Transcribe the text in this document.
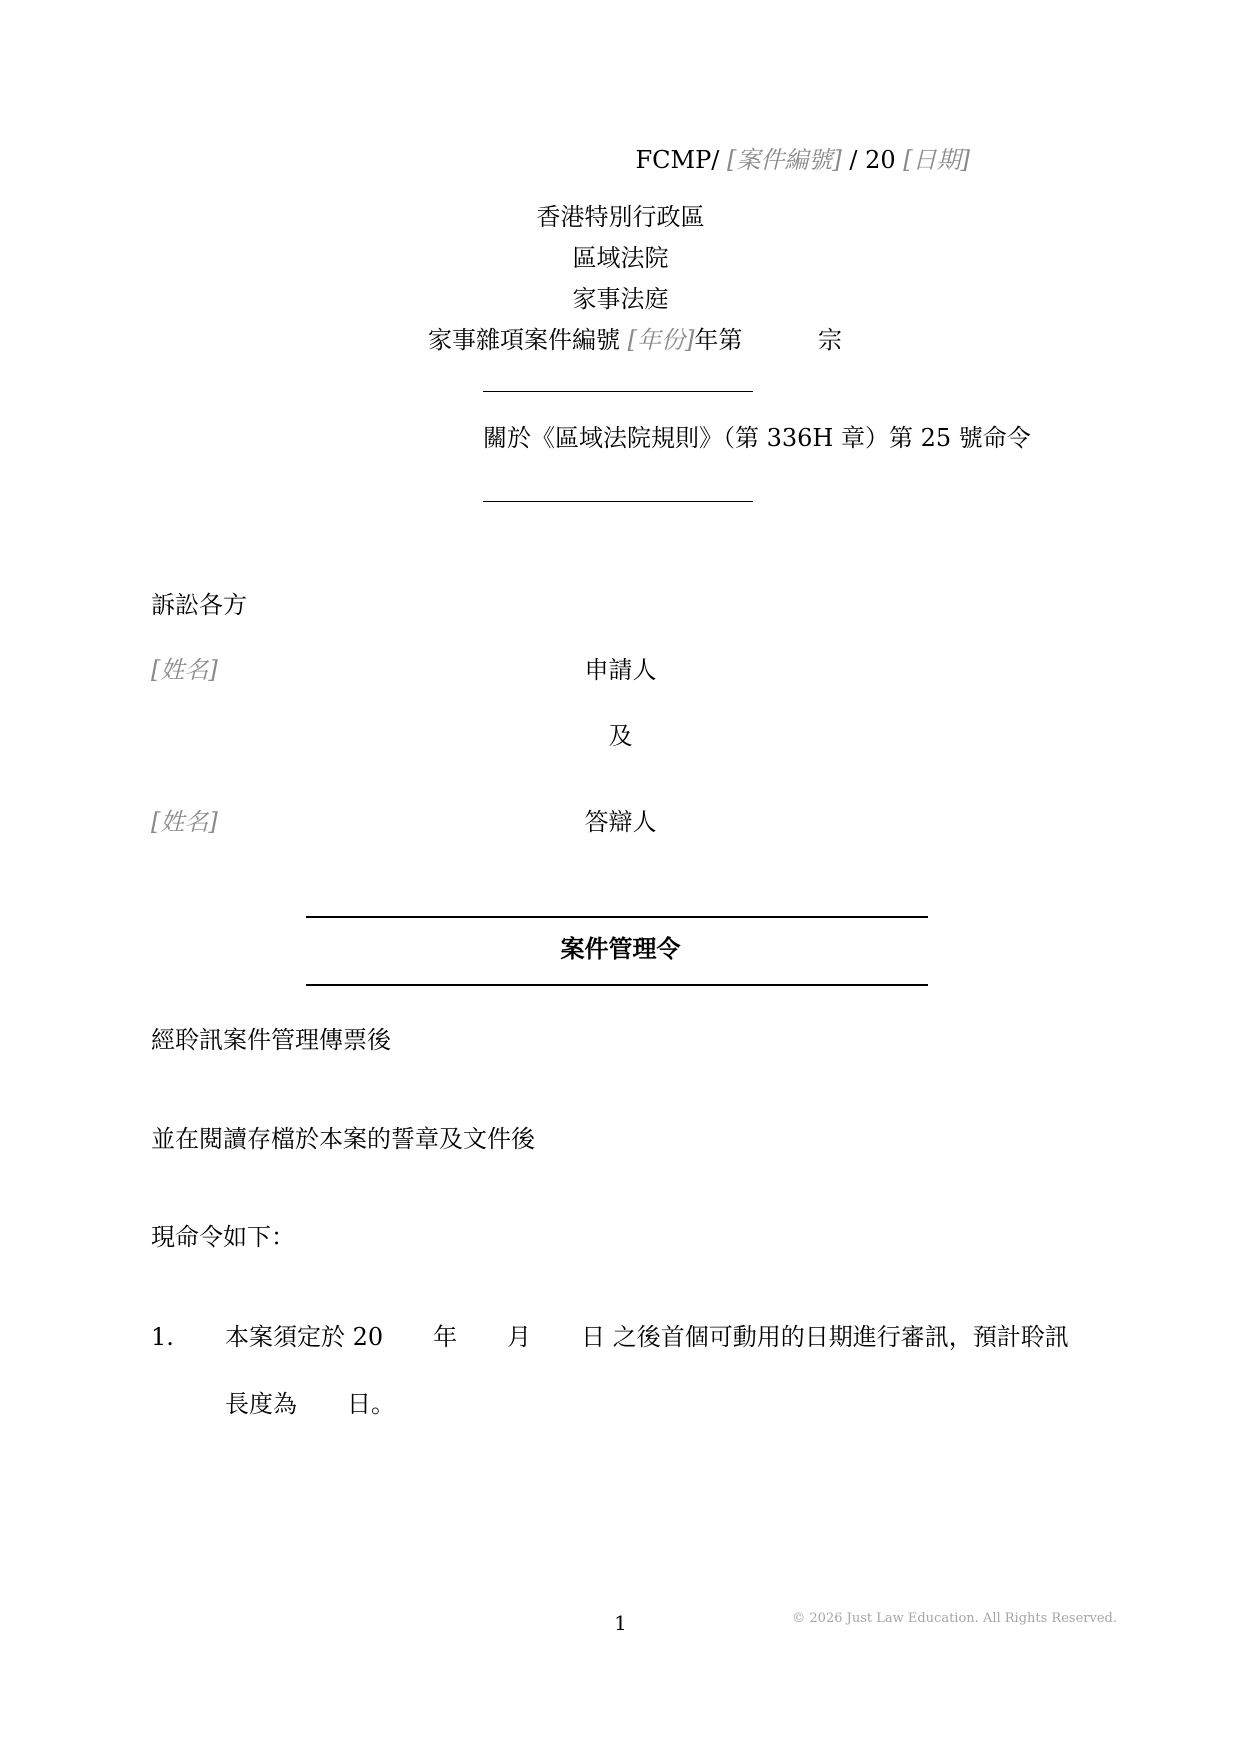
FCMP/ [案件編號] / 20 [日期]
香港特別行政區
區域法院
家事法庭
家事雜項案件編號 [年份]年第	宗
關於《區域法院規則》（第 336H 章）第 25 號命令
訴訟各方
[姓名]	申請人
及
[姓名]	答辯人
案件管理令
經聆訊案件管理傳票後
並在閱讀存檔於本案的誓章及文件後
現命令如下：
1. 本案須定於 20 年 月 日 之後首個可動用的日期進行審訊，預計聆訊
長度為 日。
1	© 2026 Just Law Education. All Rights Reserved.
